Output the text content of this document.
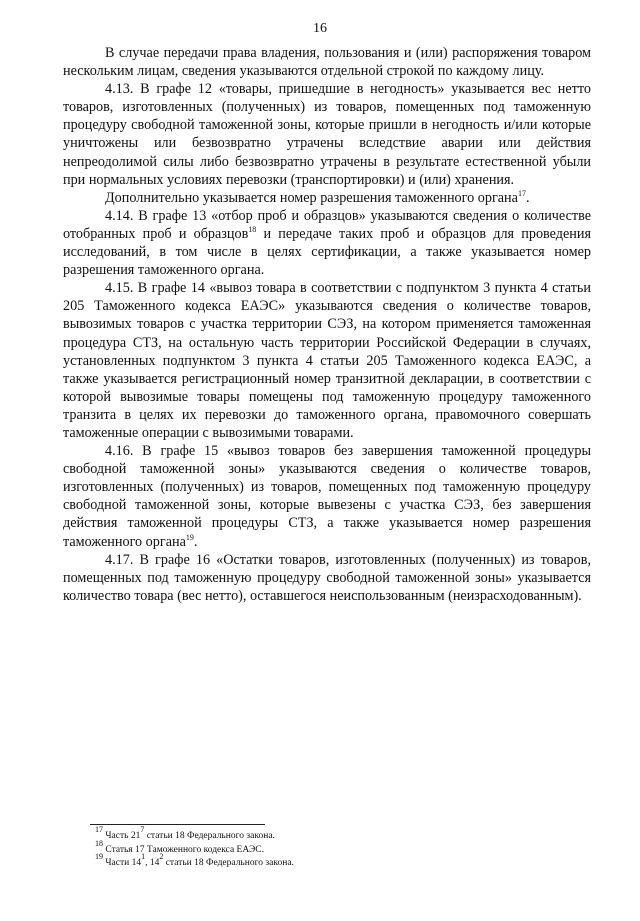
16

В случае передачи права владения, пользования и (или) распоряжения товаром нескольким лицам, сведения указываются отдельной строкой по каждому лицу.

4.13. В графе 12 «товары, пришедшие в негодность» указывается вес нетто товаров, изготовленных (полученных) из товаров, помещенных под таможенную процедуру свободной таможенной зоны, которые пришли в негодность и/или которые уничтожены или безвозвратно утрачены вследствие аварии или действия непреодолимой силы либо безвозвратно утрачены в результате естественной убыли при нормальных условиях перевозки (транспортировки) и (или) хранения.

Дополнительно указывается номер разрешения таможенного органа$^{17}$.

4.14. В графе 13 «отбор проб и образцов» указываются сведения о количестве отобранных проб и образцов$^{18}$ и передаче таких проб и образцов для проведения исследований, в том числе в целях сертификации, а также указывается номер разрешения таможенного органа.

4.15. В графе 14 «вывоз товара в соответствии с подпунктом 3 пункта 4 статьи 205 Таможенного кодекса ЕАЭС» указываются сведения о количестве товаров, вывозимых товаров с участка территории СЭЗ, на котором применяется таможенная процедура СТЗ, на остальную часть территории Российской Федерации в случаях, установленных подпунктом 3 пункта 4 статьи 205 Таможенного кодекса ЕАЭС, а также указывается регистрационный номер транзитной декларации, в соответствии с которой вывозимые товары помещены под таможенную процедуру таможенного транзита в целях их перевозки до таможенного органа, правомочного совершать таможенные операции с вывозимыми товарами.

4.16. В графе 15 «вывоз товаров без завершения таможенной процедуры свободной таможенной зоны» указываются сведения о количестве товаров, изготовленных (полученных) из товаров, помещенных под таможенную процедуру свободной таможенной зоны, которые вывезены с участка СЭЗ, без завершения действия таможенной процедуры СТЗ, а также указывается номер разрешения таможенного органа$^{19}$.

4.17. В графе 16 «Остатки товаров, изготовленных (полученных) из товаров, помещенных под таможенную процедуру свободной таможенной зоны» указывается количество товара (вес нетто), оставшегося неиспользованным (неизрасходованным).

$^{17}$ Часть $21^7$ статьи 18 Федерального закона.
$^{18}$ Статья 17 Таможенного кодекса ЕАЭС.
$^{19}$ Части $14^1$, $14^2$ статьи 18 Федерального закона.
